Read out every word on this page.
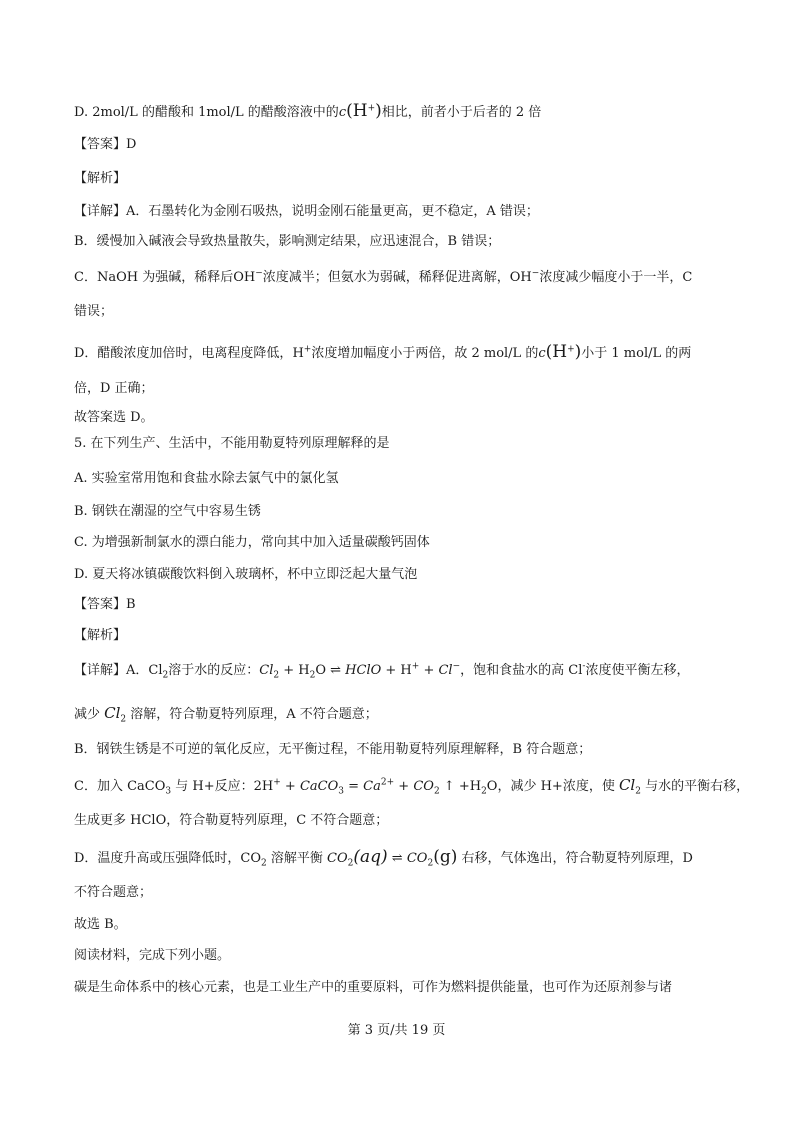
D. 2mol/L 的醋酸和 1mol/L 的醋酸溶液中的c(H+)相比，前者小于后者的 2 倍
【答案】D
【解析】
【详解】A．石墨转化为金刚石吸热，说明金刚石能量更高，更不稳定，A 错误；
B．缓慢加入碱液会导致热量散失，影响测定结果，应迅速混合，B 错误；
C．NaOH 为强碱，稀释后OH−浓度减半；但氨水为弱碱，稀释促进离解，OH−浓度减少幅度小于一半，C
错误；
D．醋酸浓度加倍时，电离程度降低，H+浓度增加幅度小于两倍，故 2 mol/L 的c(H+)小于 1 mol/L 的两
倍，D 正确；
故答案选 D。
5. 在下列生产、生活中，不能用勒夏特列原理解释的是
A. 实验室常用饱和食盐水除去氯气中的氯化氢
B. 钢铁在潮湿的空气中容易生锈
C. 为增强新制氯水的漂白能力，常向其中加入适量碳酸钙固体
D. 夏天将冰镇碳酸饮料倒入玻璃杯，杯中立即泛起大量气泡
【答案】B
【解析】
【详解】A．$Cl_2$溶于水的反应：$Cl_2 + H_2O$ ⇌ HClO + H+ + Cl−，饱和食盐水的高 Cl-浓度使平衡左移，
减少 $Cl_2$ 溶解，符合勒夏特列原理，A 不符合题意；
B．钢铁生锈是不可逆的氧化反应，无平衡过程，不能用勒夏特列原理解释，B 符合题意；
C．加入 CaCO$_3$ 与 H+反应：2H+ + CaCO$_3$ = $Ca^{2+} + CO_2$ ↑ $+H_2O$，减少 H+浓度，使 $Cl_2$ 与水的平衡右移，
生成更多 HClO，符合勒夏特列原理，C 不符合题意；
D．温度升高或压强降低时，$CO_2$ 溶解平衡 $CO_2(aq)$ ⇌ $CO_2(g)$ 右移，气体逸出，符合勒夏特列原理，D
不符合题意；
故选 B。
阅读材料，完成下列小题。
碳是生命体系中的核心元素，也是工业生产中的重要原料，可作为燃料提供能量，也可作为还原剂参与诸
第 3 页/共 19 页
